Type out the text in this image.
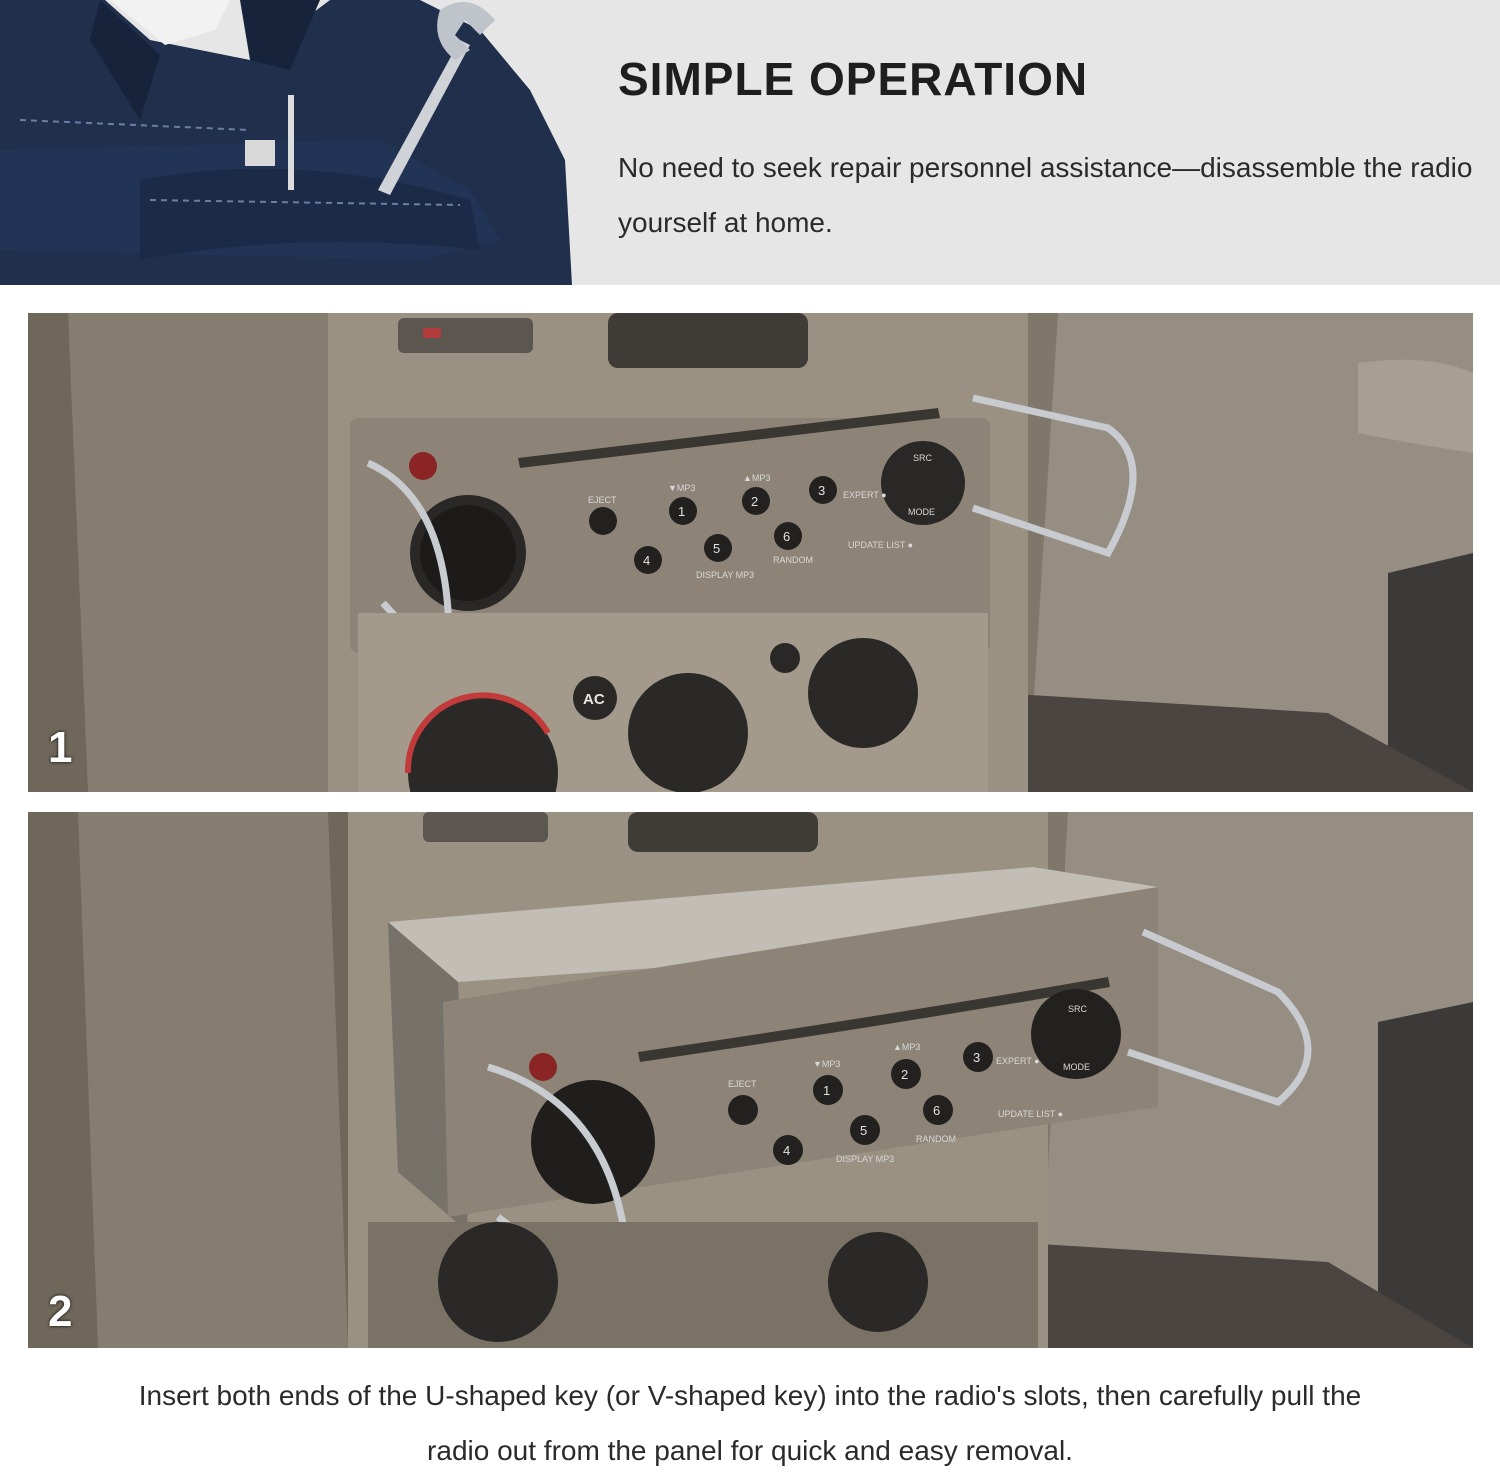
SIMPLE OPERATION
No need to seek repair personnel assistance—disassemble the radio yourself at home.
SRC
MODE
EJECT
▼MP3
1
▲MP3
2
3 EXPERT ●
4
5
6
DISPLAY MP3
RANDOM
UPDATE LIST ●
AC
1
SRC
MODE
EJECT
▼MP3
1
▲MP3
2
3 EXPERT ●
4
5
6
DISPLAY MP3
RANDOM
UPDATE LIST ●
2
Insert both ends of the U-shaped key (or V-shaped key) into the radio's slots, then carefully pull the radio out from the panel for quick and easy removal.
